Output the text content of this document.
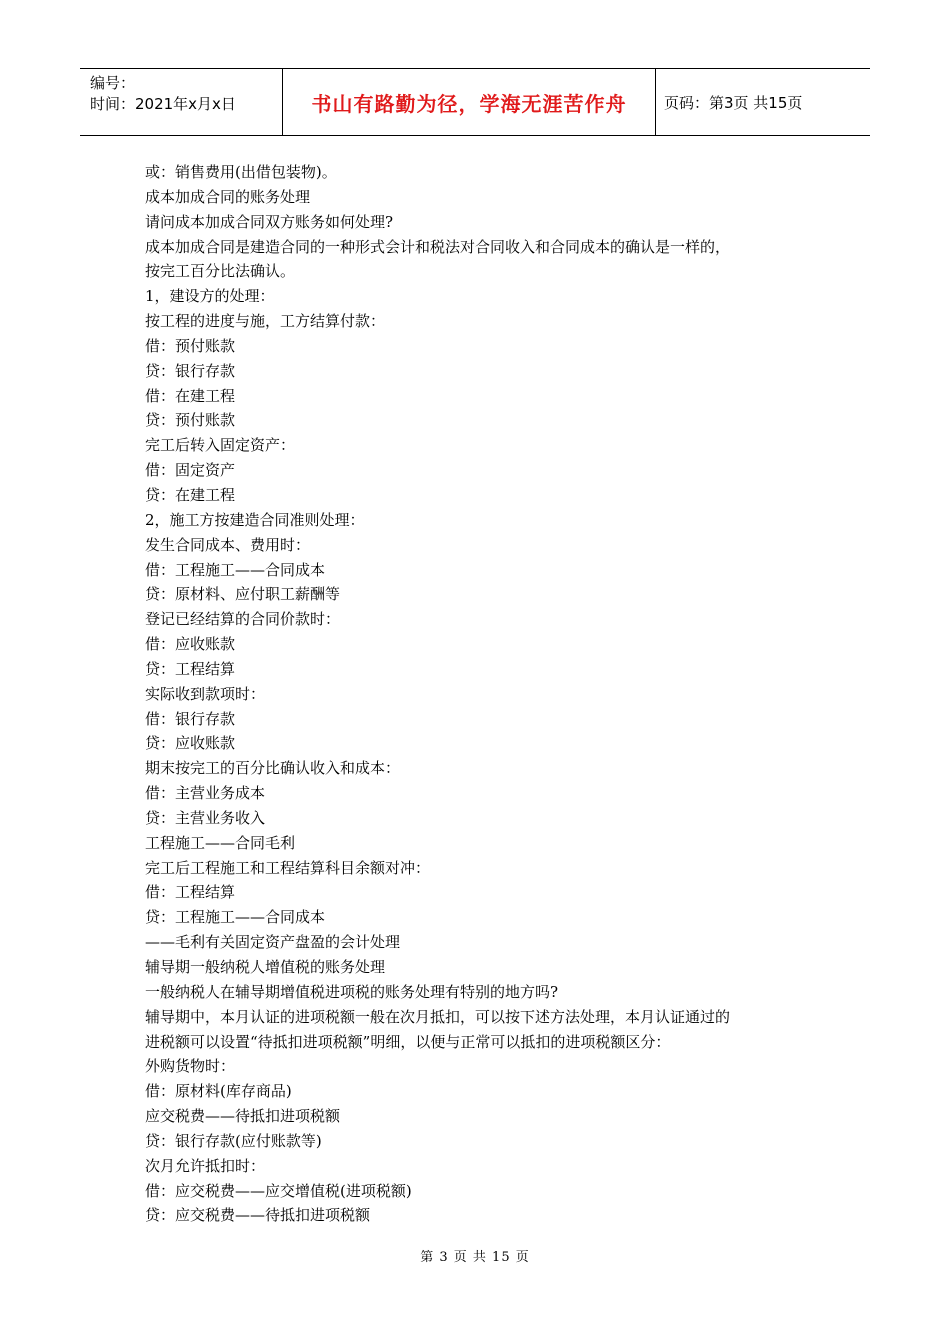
编号：
时间：2021年x月x日	书山有路勤为径，学海无涯苦作舟	页码：第3页 共15页
或：销售费用(出借包装物)。
成本加成合同的账务处理
请问成本加成合同双方账务如何处理?
成本加成合同是建造合同的一种形式会计和税法对合同收入和合同成本的确认是一样的，
按完工百分比法确认。
1，建设方的处理：
按工程的进度与施，工方结算付款：
借：预付账款
贷：银行存款
借：在建工程
贷：预付账款
完工后转入固定资产：
借：固定资产
贷：在建工程
2，施工方按建造合同准则处理：
发生合同成本、费用时：
借：工程施工——合同成本
贷：原材料、应付职工薪酬等
登记已经结算的合同价款时：
借：应收账款
贷：工程结算
实际收到款项时：
借：银行存款
贷：应收账款
期末按完工的百分比确认收入和成本：
借：主营业务成本
贷：主营业务收入
工程施工——合同毛利
完工后工程施工和工程结算科目余额对冲：
借：工程结算
贷：工程施工——合同成本
——毛利有关固定资产盘盈的会计处理
辅导期一般纳税人增值税的账务处理
一般纳税人在辅导期增值税进项税的账务处理有特别的地方吗?
辅导期中，本月认证的进项税额一般在次月抵扣，可以按下述方法处理，本月认证通过的
进税额可以设置“待抵扣进项税额”明细，以便与正常可以抵扣的进项税额区分：
外购货物时：
借：原材料(库存商品)
应交税费——待抵扣进项税额
贷：银行存款(应付账款等)
次月允许抵扣时：
借：应交税费——应交增值税(进项税额)
贷：应交税费——待抵扣进项税额
第 3 页 共 15 页
